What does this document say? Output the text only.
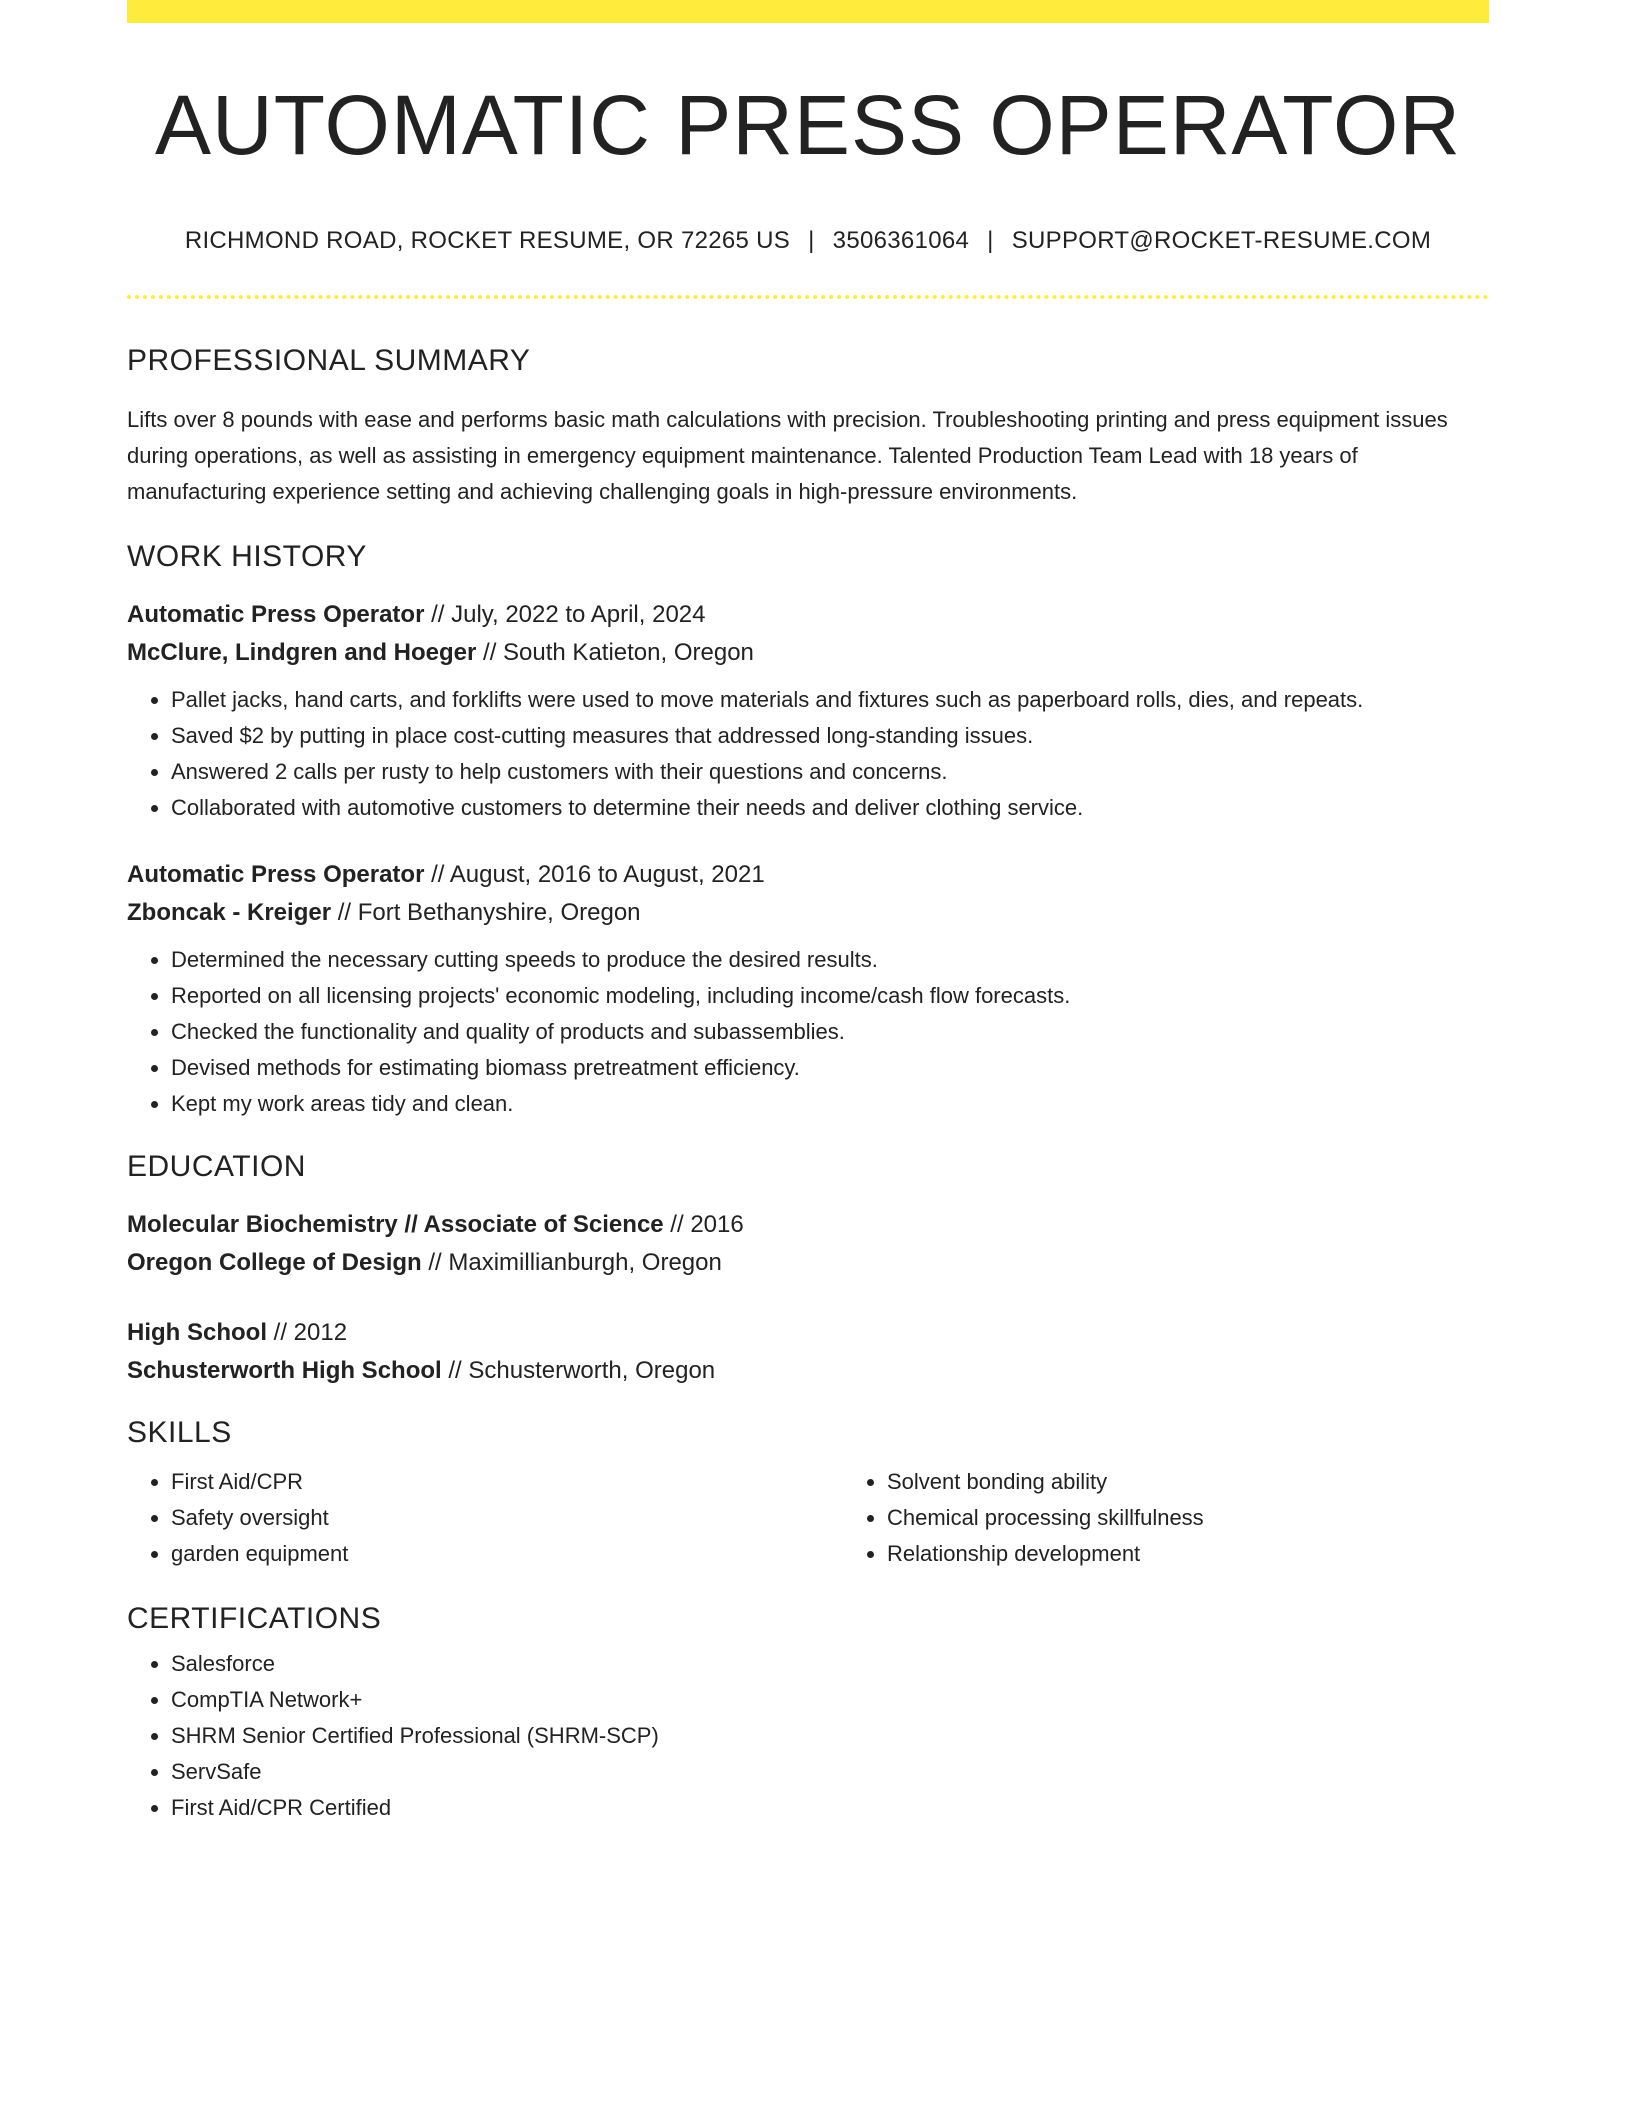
AUTOMATIC PRESS OPERATOR
RICHMOND ROAD, ROCKET RESUME, OR 72265 US | 3506361064 | SUPPORT@ROCKET-RESUME.COM
PROFESSIONAL SUMMARY
Lifts over 8 pounds with ease and performs basic math calculations with precision. Troubleshooting printing and press equipment issues during operations, as well as assisting in emergency equipment maintenance. Talented Production Team Lead with 18 years of manufacturing experience setting and achieving challenging goals in high-pressure environments.
WORK HISTORY
Automatic Press Operator // July, 2022 to April, 2024
McClure, Lindgren and Hoeger // South Katieton, Oregon
• Pallet jacks, hand carts, and forklifts were used to move materials and fixtures such as paperboard rolls, dies, and repeats.
• Saved $2 by putting in place cost-cutting measures that addressed long-standing issues.
• Answered 2 calls per rusty to help customers with their questions and concerns.
• Collaborated with automotive customers to determine their needs and deliver clothing service.
Automatic Press Operator // August, 2016 to August, 2021
Zboncak - Kreiger // Fort Bethanyshire, Oregon
• Determined the necessary cutting speeds to produce the desired results.
• Reported on all licensing projects' economic modeling, including income/cash flow forecasts.
• Checked the functionality and quality of products and subassemblies.
• Devised methods for estimating biomass pretreatment efficiency.
• Kept my work areas tidy and clean.
EDUCATION
Molecular Biochemistry // Associate of Science // 2016
Oregon College of Design // Maximillianburgh, Oregon
High School // 2012
Schusterworth High School // Schusterworth, Oregon
SKILLS
• First Aid/CPR
• Safety oversight
• garden equipment
• Solvent bonding ability
• Chemical processing skillfulness
• Relationship development
CERTIFICATIONS
• Salesforce
• CompTIA Network+
• SHRM Senior Certified Professional (SHRM-SCP)
• ServSafe
• First Aid/CPR Certified
